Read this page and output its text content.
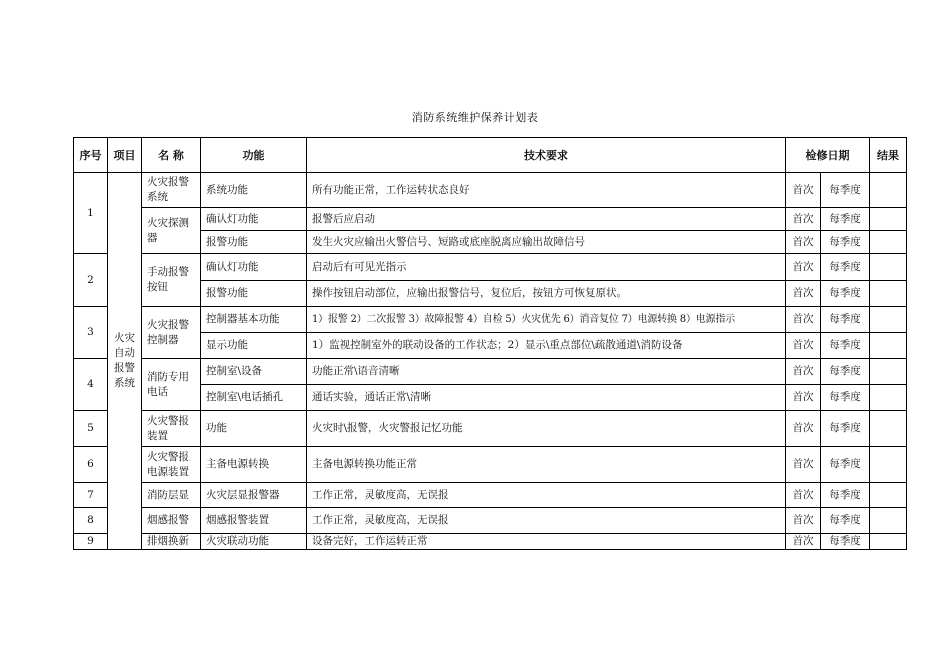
消防系统维护保养计划表
序号	项目	名 称	功能	技术要求	检修日期		结果
1	火灾自动报警系统	火灾报警系统	系统功能	所有功能正常，工作运转状态良好	首次	每季度	
		火灾探测器	确认灯功能	报警后应启动	首次	每季度	
			报警功能	发生火灾应输出火警信号、短路或底座脱离应输出故障信号	首次	每季度	
2		手动报警按钮	确认灯功能	启动后有可见光指示	首次	每季度	
			报警功能	操作按钮启动部位，应输出报警信号，复位后，按钮方可恢复原状。	首次	每季度	
3		火灾报警控制器	控制器基本功能	1）报警 2）二次报警 3）故障报警 4）自检 5）火灾优先 6）消音复位 7）电源转换 8）电源指示	首次	每季度	
			显示功能	1）监视控制室外的联动设备的工作状态；2）显示\重点部位\疏散通道\消防设备	首次	每季度	
4		消防专用电话	控制室\设备	功能正常\语音清晰	首次	每季度	
			控制室\电话插孔	通话实验，通话正常\清晰	首次	每季度	
5		火灾警报装置	功能	火灾时\报警，火灾警报记忆功能	首次	每季度	
6		火灾警报电源装置	主备电源转换	主备电源转换功能正常	首次	每季度	
7		消防层显	火灾层显报警器	工作正常，灵敏度高，无误报	首次	每季度	
8		烟感报警	烟感报警装置	工作正常，灵敏度高，无误报	首次	每季度	
9		排烟换新	火灾联动功能	设备完好，工作运转正常	首次	每季度	
